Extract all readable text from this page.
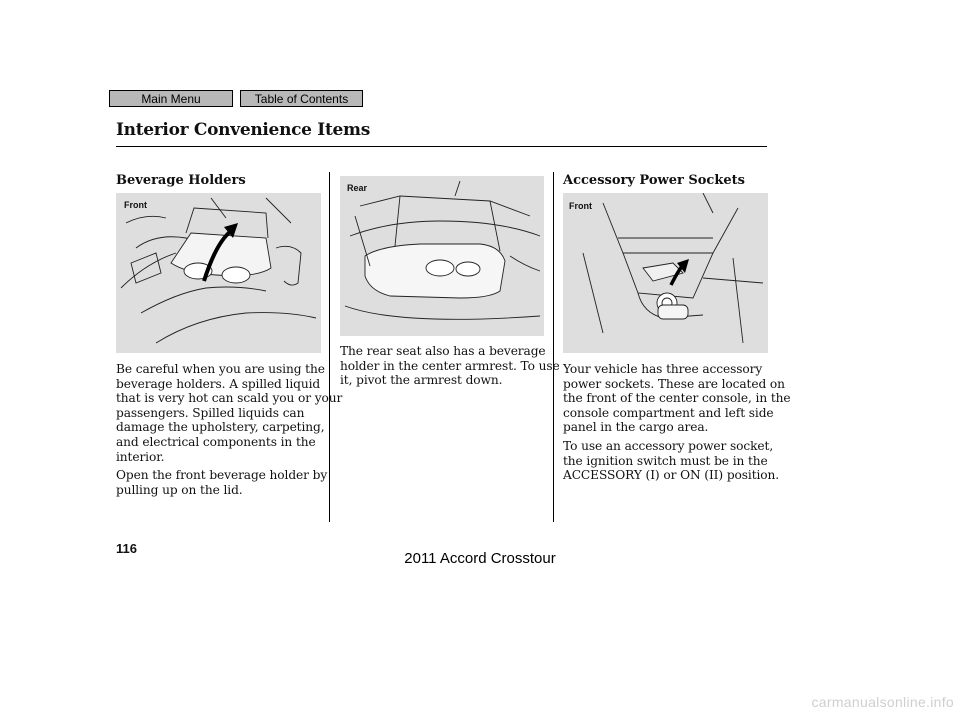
Main Menu	Table of Contents
Interior Convenience Items
Beverage Holders
Front
Be careful when you are using the
beverage holders. A spilled liquid
that is very hot can scald you or your
passengers. Spilled liquids can
damage the upholstery, carpeting,
and electrical components in the
interior.
Open the front beverage holder by
pulling up on the lid.
Rear
The rear seat also has a beverage
holder in the center armrest. To use
it, pivot the armrest down.
Accessory Power Sockets
Front
Your vehicle has three accessory
power sockets. These are located on
the front of the center console, in the
console compartment and left side
panel in the cargo area.
To use an accessory power socket,
the ignition switch must be in the
ACCESSORY (I) or ON (II) position.
116
2011 Accord Crosstour
carmanualsonline.info
